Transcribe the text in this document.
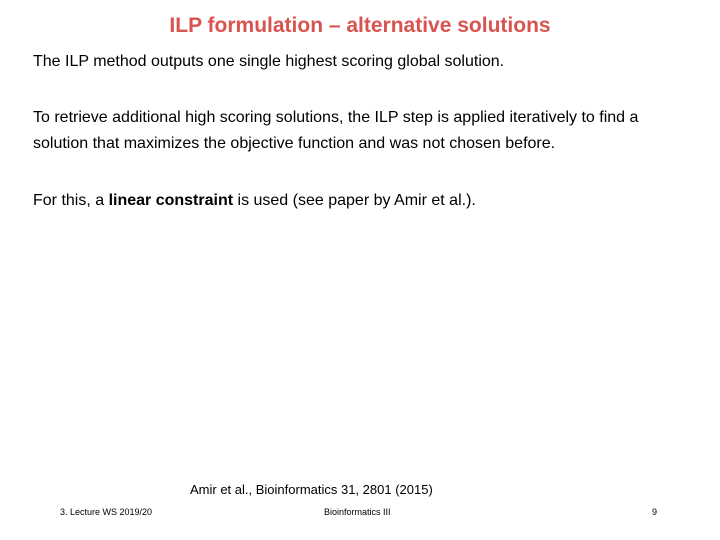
ILP formulation – alternative solutions
The ILP method outputs one single highest scoring global solution.
To retrieve additional high scoring solutions, the ILP step is applied iteratively to find a solution that maximizes the objective function and was not chosen before.
For this, a linear constraint is used (see paper by Amir et al.).
Amir et al., Bioinformatics 31, 2801 (2015)
3. Lecture WS 2019/20	Bioinformatics III	9
